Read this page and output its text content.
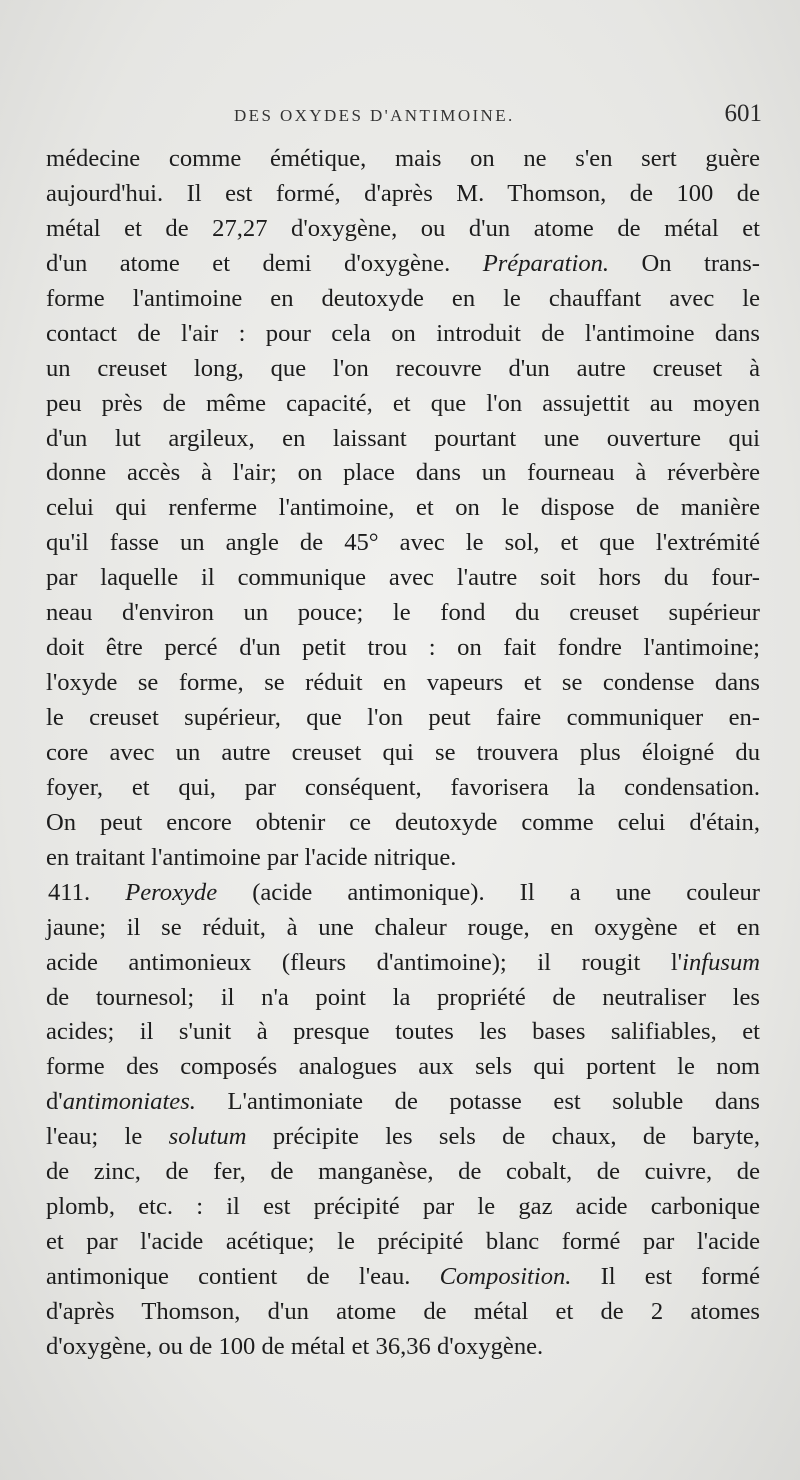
DES OXYDES D'ANTIMOINE.	601
médecine comme émétique, mais on ne s'en sert guère
aujourd'hui. Il est formé, d'après M. Thomson, de 100 de
métal et de 27,27 d'oxygène, ou d'un atome de métal et
d'un atome et demi d'oxygène. Préparation. On trans-
forme l'antimoine en deutoxyde en le chauffant avec le
contact de l'air : pour cela on introduit de l'antimoine dans
un creuset long, que l'on recouvre d'un autre creuset à
peu près de même capacité, et que l'on assujettit au moyen
d'un lut argileux, en laissant pourtant une ouverture qui
donne accès à l'air; on place dans un fourneau à réverbère
celui qui renferme l'antimoine, et on le dispose de manière
qu'il fasse un angle de 45° avec le sol, et que l'extrémité
par laquelle il communique avec l'autre soit hors du four-
neau d'environ un pouce; le fond du creuset supérieur
doit être percé d'un petit trou : on fait fondre l'antimoine;
l'oxyde se forme, se réduit en vapeurs et se condense dans
le creuset supérieur, que l'on peut faire communiquer en-
core avec un autre creuset qui se trouvera plus éloigné du
foyer, et qui, par conséquent, favorisera la condensation.
On peut encore obtenir ce deutoxyde comme celui d'étain,
en traitant l'antimoine par l'acide nitrique.
411. Peroxyde (acide antimonique). Il a une couleur
jaune; il se réduit, à une chaleur rouge, en oxygène et en
acide antimonieux (fleurs d'antimoine); il rougit l'infusum
de tournesol; il n'a point la propriété de neutraliser les
acides; il s'unit à presque toutes les bases salifiables, et
forme des composés analogues aux sels qui portent le nom
d'antimoniates. L'antimoniate de potasse est soluble dans
l'eau; le solutum précipite les sels de chaux, de baryte,
de zinc, de fer, de manganèse, de cobalt, de cuivre, de
plomb, etc. : il est précipité par le gaz acide carbonique
et par l'acide acétique; le précipité blanc formé par l'acide
antimonique contient de l'eau. Composition. Il est formé
d'après Thomson, d'un atome de métal et de 2 atomes
d'oxygène, ou de 100 de métal et 36,36 d'oxygène.
